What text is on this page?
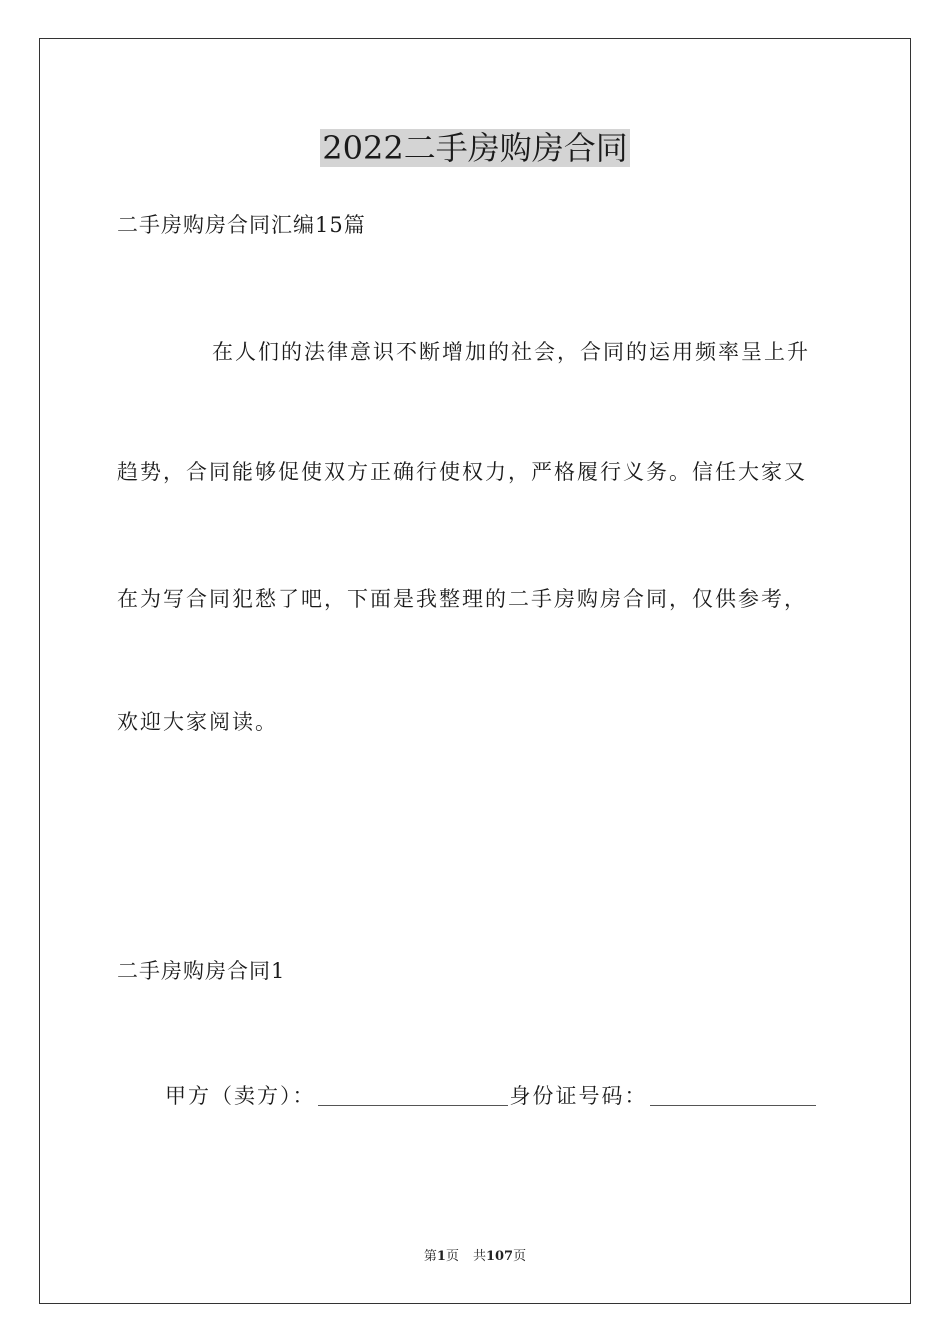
2022二手房购房合同
二手房购房合同汇编15篇
在人们的法律意识不断增加的社会，合同的运用频率呈上升
趋势，合同能够促使双方正确行使权力，严格履行义务。信任大家又
在为写合同犯愁了吧，下面是我整理的二手房购房合同，仅供参考，
欢迎大家阅读。
二手房购房合同1
甲方（卖方）：	身份证号码：
第1页 共107页
